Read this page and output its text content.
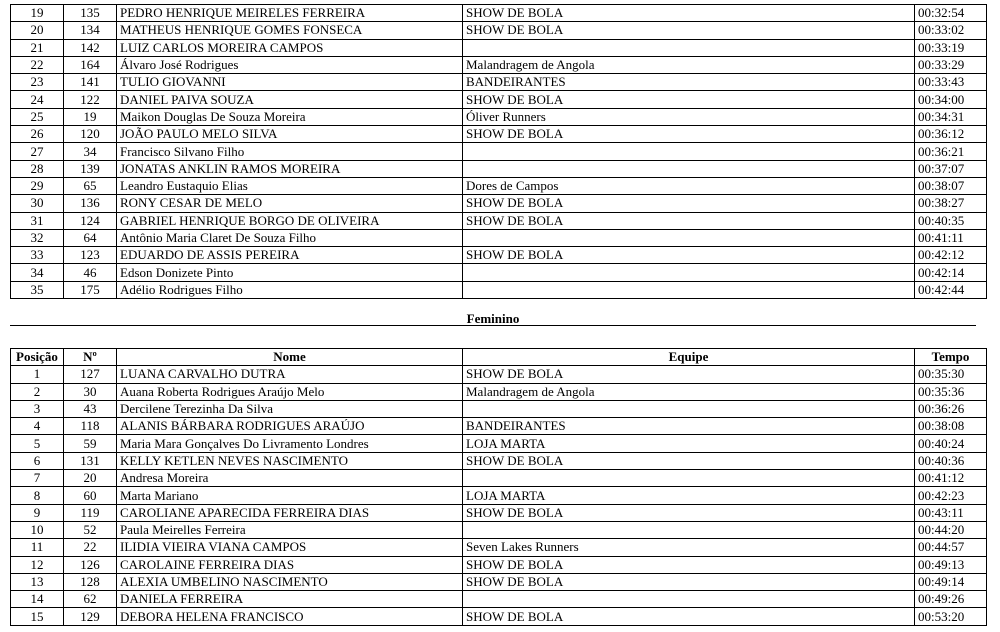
19	135	PEDRO HENRIQUE MEIRELES FERREIRA	SHOW DE BOLA	00:32:54
20	134	MATHEUS HENRIQUE GOMES FONSECA	SHOW DE BOLA	00:33:02
21	142	LUIZ CARLOS MOREIRA CAMPOS		00:33:19
22	164	Álvaro José Rodrigues	Malandragem de Angola	00:33:29
23	141	TULIO GIOVANNI	BANDEIRANTES	00:33:43
24	122	DANIEL PAIVA SOUZA	SHOW DE BOLA	00:34:00
25	19	Maikon Douglas De Souza Moreira	Óliver Runners	00:34:31
26	120	JOÃO PAULO MELO SILVA	SHOW DE BOLA	00:36:12
27	34	Francisco Silvano Filho		00:36:21
28	139	JONATAS ANKLIN RAMOS MOREIRA		00:37:07
29	65	Leandro Eustaquio Elias	Dores de Campos	00:38:07
30	136	RONY CESAR DE MELO	SHOW DE BOLA	00:38:27
31	124	GABRIEL HENRIQUE BORGO DE OLIVEIRA	SHOW DE BOLA	00:40:35
32	64	Antônio Maria Claret De Souza Filho		00:41:11
33	123	EDUARDO DE ASSIS PEREIRA	SHOW DE BOLA	00:42:12
34	46	Edson Donizete Pinto		00:42:14
35	175	Adélio Rodrigues Filho		00:42:44
Feminino
Posição	Nº	Nome	Equipe	Tempo
1	127	LUANA CARVALHO DUTRA	SHOW DE BOLA	00:35:30
2	30	Auana Roberta Rodrigues Araújo Melo	Malandragem de Angola	00:35:36
3	43	Dercilene Terezinha Da Silva		00:36:26
4	118	ALANIS BÁRBARA RODRIGUES ARAÚJO	BANDEIRANTES	00:38:08
5	59	Maria Mara Gonçalves Do Livramento Londres	LOJA MARTA	00:40:24
6	131	KELLY KETLEN NEVES NASCIMENTO	SHOW DE BOLA	00:40:36
7	20	Andresa Moreira		00:41:12
8	60	Marta Mariano	LOJA MARTA	00:42:23
9	119	CAROLIANE APARECIDA FERREIRA DIAS	SHOW DE BOLA	00:43:11
10	52	Paula Meirelles Ferreira		00:44:20
11	22	ILIDIA VIEIRA VIANA CAMPOS	Seven Lakes Runners	00:44:57
12	126	CAROLAINE FERREIRA DIAS	SHOW DE BOLA	00:49:13
13	128	ALEXIA UMBELINO NASCIMENTO	SHOW DE BOLA	00:49:14
14	62	DANIELA FERREIRA		00:49:26
15	129	DEBORA HELENA FRANCISCO	SHOW DE BOLA	00:53:20
